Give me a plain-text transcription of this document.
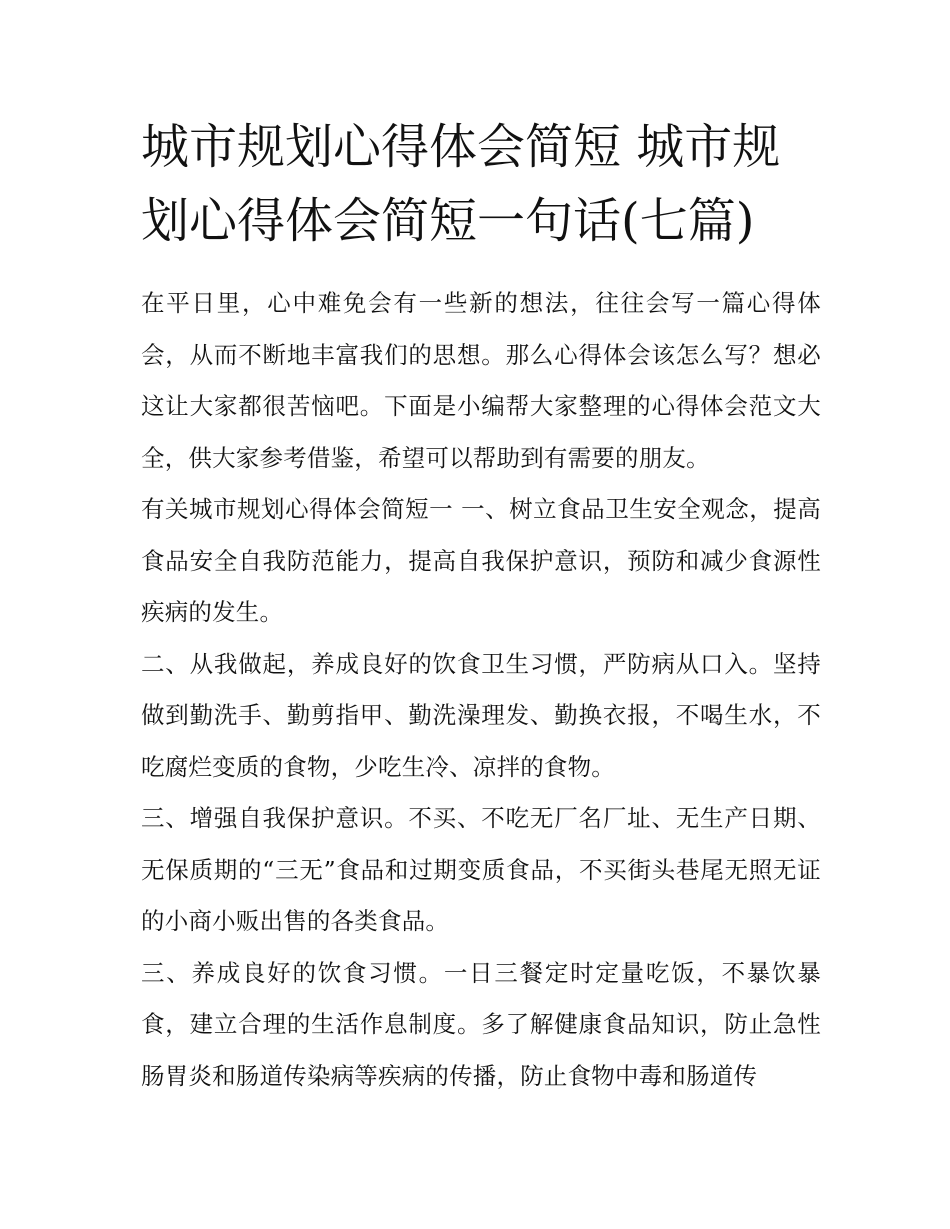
城市规划心得体会简短 城市规划心得体会简短一句话(七篇)

在平日里，心中难免会有一些新的想法，往往会写一篇心得体会，从而不断地丰富我们的思想。那么心得体会该怎么写？想必这让大家都很苦恼吧。下面是小编帮大家整理的心得体会范文大全，供大家参考借鉴，希望可以帮助到有需要的朋友。

有关城市规划心得体会简短一 一、树立食品卫生安全观念，提高食品安全自我防范能力，提高自我保护意识，预防和减少食源性疾病的发生。

二、从我做起，养成良好的饮食卫生习惯，严防病从口入。坚持做到勤洗手、勤剪指甲、勤洗澡理发、勤换衣报，不喝生水，不吃腐烂变质的食物，少吃生冷、凉拌的食物。

三、增强自我保护意识。不买、不吃无厂名厂址、无生产日期、无保质期的“三无”食品和过期变质食品，不买街头巷尾无照无证的小商小贩出售的各类食品。

三、养成良好的饮食习惯。一日三餐定时定量吃饭，不暴饮暴食，建立合理的生活作息制度。多了解健康食品知识，防止急性肠胃炎和肠道传染病等疾病的传播，防止食物中毒和肠道传
